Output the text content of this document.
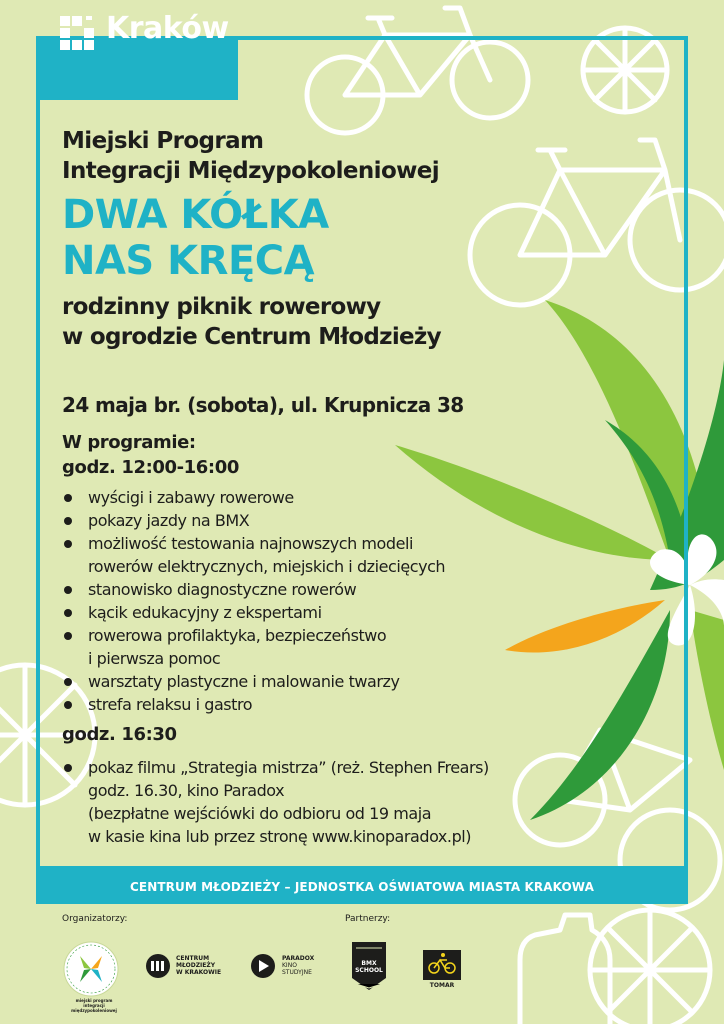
Kraków
Miejski Program
Integracji Międzypokoleniowej
DWA KÓŁKA
NAS KRĘCĄ
rodzinny piknik rowerowy
w ogrodzie Centrum Młodzieży
24 maja br. (sobota), ul. Krupnicza 38
W programie:
godz. 12:00-16:00
wyścigi i zabawy rowerowe
pokazy jazdy na BMX
możliwość testowania najnowszych modeli
rowerów elektrycznych, miejskich i dziecięcych
stanowisko diagnostyczne rowerów
kącik edukacyjny z ekspertami
rowerowa profilaktyka, bezpieczeństwo
i pierwsza pomoc
warsztaty plastyczne i malowanie twarzy
strefa relaksu i gastro
godz. 16:30
pokaz filmu „Strategia mistrza” (reż. Stephen Frears)
godz. 16.30, kino Paradox
(bezpłatne wejściówki do odbioru od 19 maja
w kasie kina lub przez stronę www.kinoparadox.pl)
CENTRUM MŁODZIEŻY – JEDNOSTKA OŚWIATOWA MIASTA KRAKOWA
Organizatorzy:	Partnerzy:
miejski program integracji międzypokoleniowej
CENTRUM
MŁODZIEŻY
W KRAKOWIE
PARADOX
KINO
STUDYJNE
BMX SCHOOL
TOMAR
